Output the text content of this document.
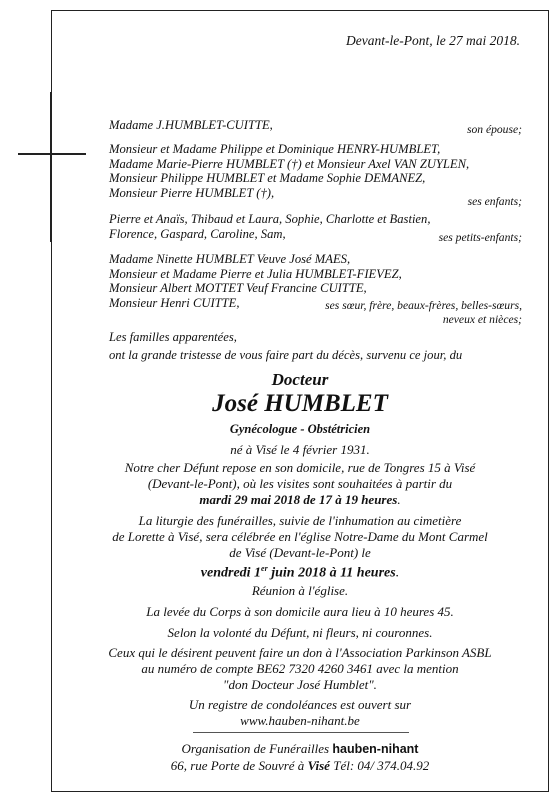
Devant-le-Pont, le 27 mai 2018.
Madame J.HUMBLET-CUITTE,	son épouse;
Monsieur et Madame Philippe et Dominique HENRY-HUMBLET,
Madame Marie-Pierre HUMBLET (†) et Monsieur Axel VAN ZUYLEN,
Monsieur Philippe HUMBLET et Madame Sophie DEMANEZ,
Monsieur Pierre HUMBLET (†),
ses enfants;
Pierre et Anaïs, Thibaud et Laura, Sophie, Charlotte et Bastien,
Florence, Gaspard, Caroline, Sam,	ses petits-enfants;
Madame Ninette HUMBLET Veuve José MAES,
Monsieur et Madame Pierre et Julia HUMBLET-FIEVEZ,
Monsieur Albert MOTTET Veuf Francine CUITTE,
Monsieur Henri CUITTE,	ses sœur, frère, beaux-frères, belles-sœurs,
neveux et nièces;
Les familles apparentées,
ont la grande tristesse de vous faire part du décès, survenu ce jour, du
Docteur
José HUMBLET
Gynécologue - Obstétricien
né à Visé le 4 février 1931.
Notre cher Défunt repose en son domicile, rue de Tongres 15 à Visé
(Devant-le-Pont), où les visites sont souhaitées à partir du
mardi 29 mai 2018 de 17 à 19 heures.
La liturgie des funérailles, suivie de l'inhumation au cimetière
de Lorette à Visé, sera célébrée en l'église Notre-Dame du Mont Carmel
de Visé (Devant-le-Pont) le
vendredi 1er juin 2018 à 11 heures.
Réunion à l'église.
La levée du Corps à son domicile aura lieu à 10 heures 45.
Selon la volonté du Défunt, ni fleurs, ni couronnes.
Ceux qui le désirent peuvent faire un don à l'Association Parkinson ASBL
au numéro de compte BE62 7320 4260 3461 avec la mention
"don Docteur José Humblet".
Un registre de condoléances est ouvert sur
www.hauben-nihant.be
Organisation de Funérailles hauben-nihant
66, rue Porte de Souvré à Visé Tél: 04/ 374.04.92
